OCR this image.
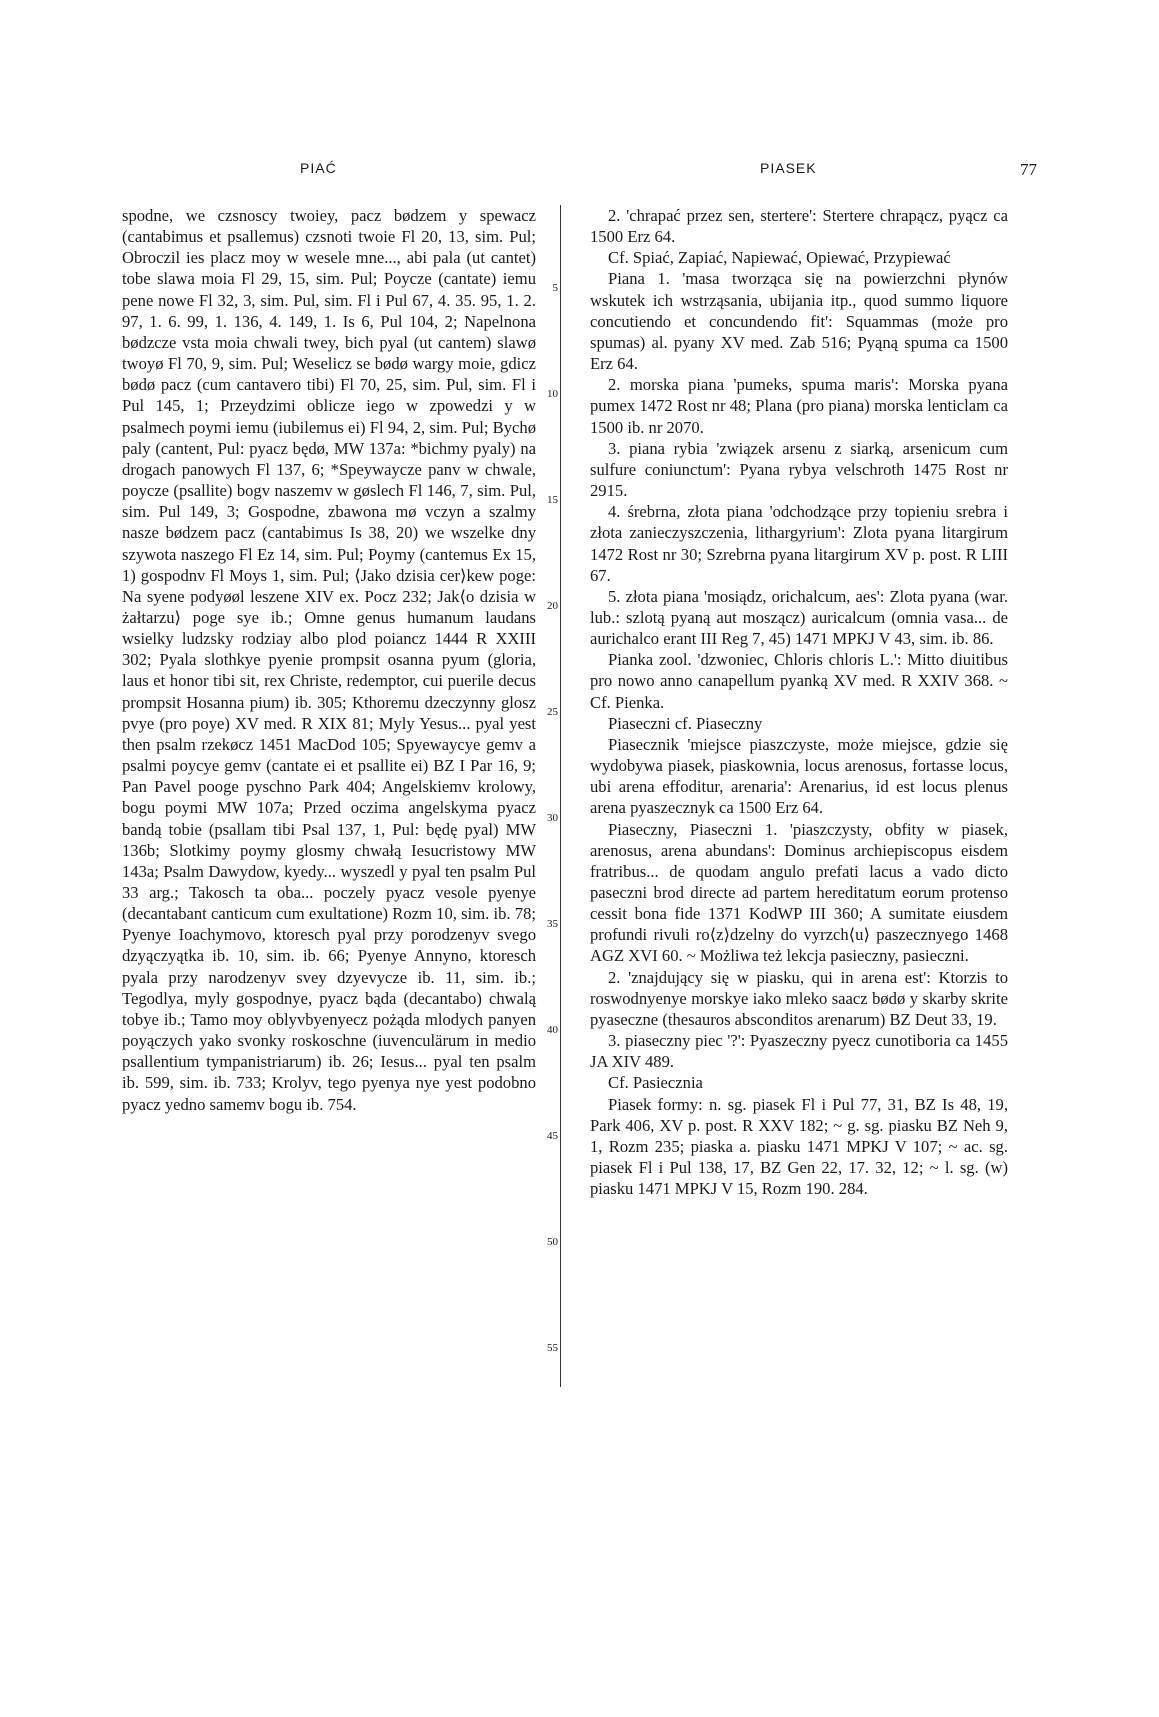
PIAĆ	PIASEK	77

spodne, we czsnoscy twoiey, pacz bødzem y spewacz (cantabimus et psallemus) czsnoti twoie Fl 20, 13, sim. Pul; Obroczil ies placz moy w wesele mne..., abi pala (ut cantet) tobe slawa moia Fl 29, 15, sim. Pul; Poycze (cantate) iemu pene nowe Fl 32, 3, sim. Pul, sim. Fl i Pul 67, 4. 35. 95, 1. 2. 97, 1. 6. 99, 1. 136, 4. 149, 1. Is 6, Pul 104, 2; Napelnona bødzcze vsta moia chwali twey, bich pyal (ut cantem) slawø twoyø Fl 70, 9, sim. Pul; Weselicz se bødø wargy moie, gdicz bødø pacz (cum cantavero tibi) Fl 70, 25, sim. Pul, sim. Fl i Pul 145, 1; Przeydzimi oblicze iego w zpowedzi y w psalmech poymi iemu (iubilemus ei) Fl 94, 2, sim. Pul; Bychø paly (cantent, Pul: pyacz będø, MW 137a: *bichmy pyaly) na drogach panowych Fl 137, 6; *Speywaycze panv w chwale, poycze (psallite) bogv naszemv w gøslech Fl 146, 7, sim. Pul, sim. Pul 149, 3; Gospodne, zbawona mø vczyn a szalmy nasze bødzem pacz (cantabimus Is 38, 20) we wszelke dny szywota naszego Fl Ez 14, sim. Pul; Poymy (cantemus Ex 15, 1) gospodnv Fl Moys 1, sim. Pul; ⟨Jako dzisia cer⟩kew poge: Na syene podyøøl leszene XIV ex. Pocz 232; Jak⟨o dzisia w żałtarzu⟩ poge sye ib.; Omne genus humanum laudans wsielky ludzsky rodziay albo plod poiancz 1444 R XXIII 302; Pyala slothkye pyenie prompsit osanna pyum (gloria, laus et honor tibi sit, rex Christe, redemptor, cui puerile decus prompsit Hosanna pium) ib. 305; Kthoremu dzeczynny glosz pvye (pro poye) XV med. R XIX 81; Myly Yesus... pyal yest then psalm rzekøcz 1451 MacDod 105; Spyewaycye gemv a psalmi poycye gemv (cantate ei et psallite ei) BZ I Par 16, 9; Pan Pavel pooge pyschno Park 404; Angelskiemv krolowy, bogu poymi MW 107a; Przed oczima angelskyma pyacz bandą tobie (psallam tibi Psal 137, 1, Pul: będę pyal) MW 136b; Slotkimy poymy glosmy chwałą Iesucristowy MW 143a; Psalm Dawydow, kyedy... wyszedl y pyal ten psalm Pul 33 arg.; Takosch ta oba... poczely pyacz vesole pyenye (decantabant canticum cum exultatione) Rozm 10, sim. ib. 78; Pyenye Ioachymovo, ktoresch pyal przy porodzenyv svego dzyączyątka ib. 10, sim. ib. 66; Pyenye Annyno, ktoresch pyala przy narodzenyv svey dzyevycze ib. 11, sim. ib.; Tegodlya, myly gospodnye, pyacz bąda (decantabo) chwalą tobye ib.; Tamo moy oblyvbyenyecz pożąda mlodych panyen poyączych yako svonky roskoschne (iuvenculärum in medio psallentium tympanistriarum) ib. 26; Iesus... pyal ten psalm ib. 599, sim. ib. 733; Krolyv, tego pyenya nye yest podobno pyacz yedno samemv bogu ib. 754.

5
10
15
20
25
30
35
40
45
50
55

2. 'chrapać przez sen, stertere': Stertere chrapącz, pyącz ca 1500 Erz 64.

Cf. Spiać, Zapiać, Napiewać, Opiewać, Przypiewać

Piana 1. 'masa tworząca się na powierzchni płynów wskutek ich wstrząsania, ubijania itp., quod summo liquore concutiendo et concundendo fit': Squammas (może pro spumas) al. pyany XV med. Zab 516; Pyąną spuma ca 1500 Erz 64.

2. morska piana 'pumeks, spuma maris': Morska pyana pumex 1472 Rost nr 48; Plana (pro piana) morska lenticlam ca 1500 ib. nr 2070.

3. piana rybia 'związek arsenu z siarką, arsenicum cum sulfure coniunctum': Pyana rybya velschroth 1475 Rost nr 2915.

4. śrebrna, złota piana 'odchodzące przy topieniu srebra i złota zanieczyszczenia, lithargyrium': Zlota pyana litargirum 1472 Rost nr 30; Szrebrna pyana litargirum XV p. post. R LIII 67.

5. złota piana 'mosiądz, orichalcum, aes': Zlota pyana (war. lub.: szlotą pyaną aut moszącz) auricalcum (omnia vasa... de aurichalco erant III Reg 7, 45) 1471 MPKJ V 43, sim. ib. 86.

Pianka zool. 'dzwoniec, Chloris chloris L.': Mitto diuitibus pro nowo anno canapellum pyanką XV med. R XXIV 368. ~ Cf. Pienka.

Piaseczni cf. Piaseczny

Piasecznik 'miejsce piaszczyste, może miejsce, gdzie się wydobywa piasek, piaskownia, locus arenosus, fortasse locus, ubi arena effoditur, arenaria': Arenarius, id est locus plenus arena pyaszecznyk ca 1500 Erz 64.

Piaseczny, Piaseczni 1. 'piaszczysty, obfity w piasek, arenosus, arena abundans': Dominus archiepiscopus eisdem fratribus... de quodam angulo prefati lacus a vado dicto paseczni brod directe ad partem hereditatum eorum protenso cessit bona fide 1371 KodWP III 360; A sumitate eiusdem profundi rivuli ro⟨z⟩dzelny do vyrzch⟨u⟩ paszecznyego 1468 AGZ XVI 60. ~ Możliwa też lekcja pasieczny, pasieczni.

2. 'znajdujący się w piasku, qui in arena est': Ktorzis to roswodnyenye morskye iako mleko saacz bødø y skarby skrite pyaseczne (thesauros absconditos arenarum) BZ Deut 33, 19.

3. piaseczny piec '?': Pyaszeczny pyecz cunotiboria ca 1455 JA XIV 489.

Cf. Pasiecznia

Piasek formy: n. sg. piasek Fl i Pul 77, 31, BZ Is 48, 19, Park 406, XV p. post. R XXV 182; ~ g. sg. piasku BZ Neh 9, 1, Rozm 235; piaska a. piasku 1471 MPKJ V 107; ~ ac. sg. piasek Fl i Pul 138, 17, BZ Gen 22, 17. 32, 12; ~ l. sg. (w) piasku 1471 MPKJ V 15, Rozm 190. 284.
